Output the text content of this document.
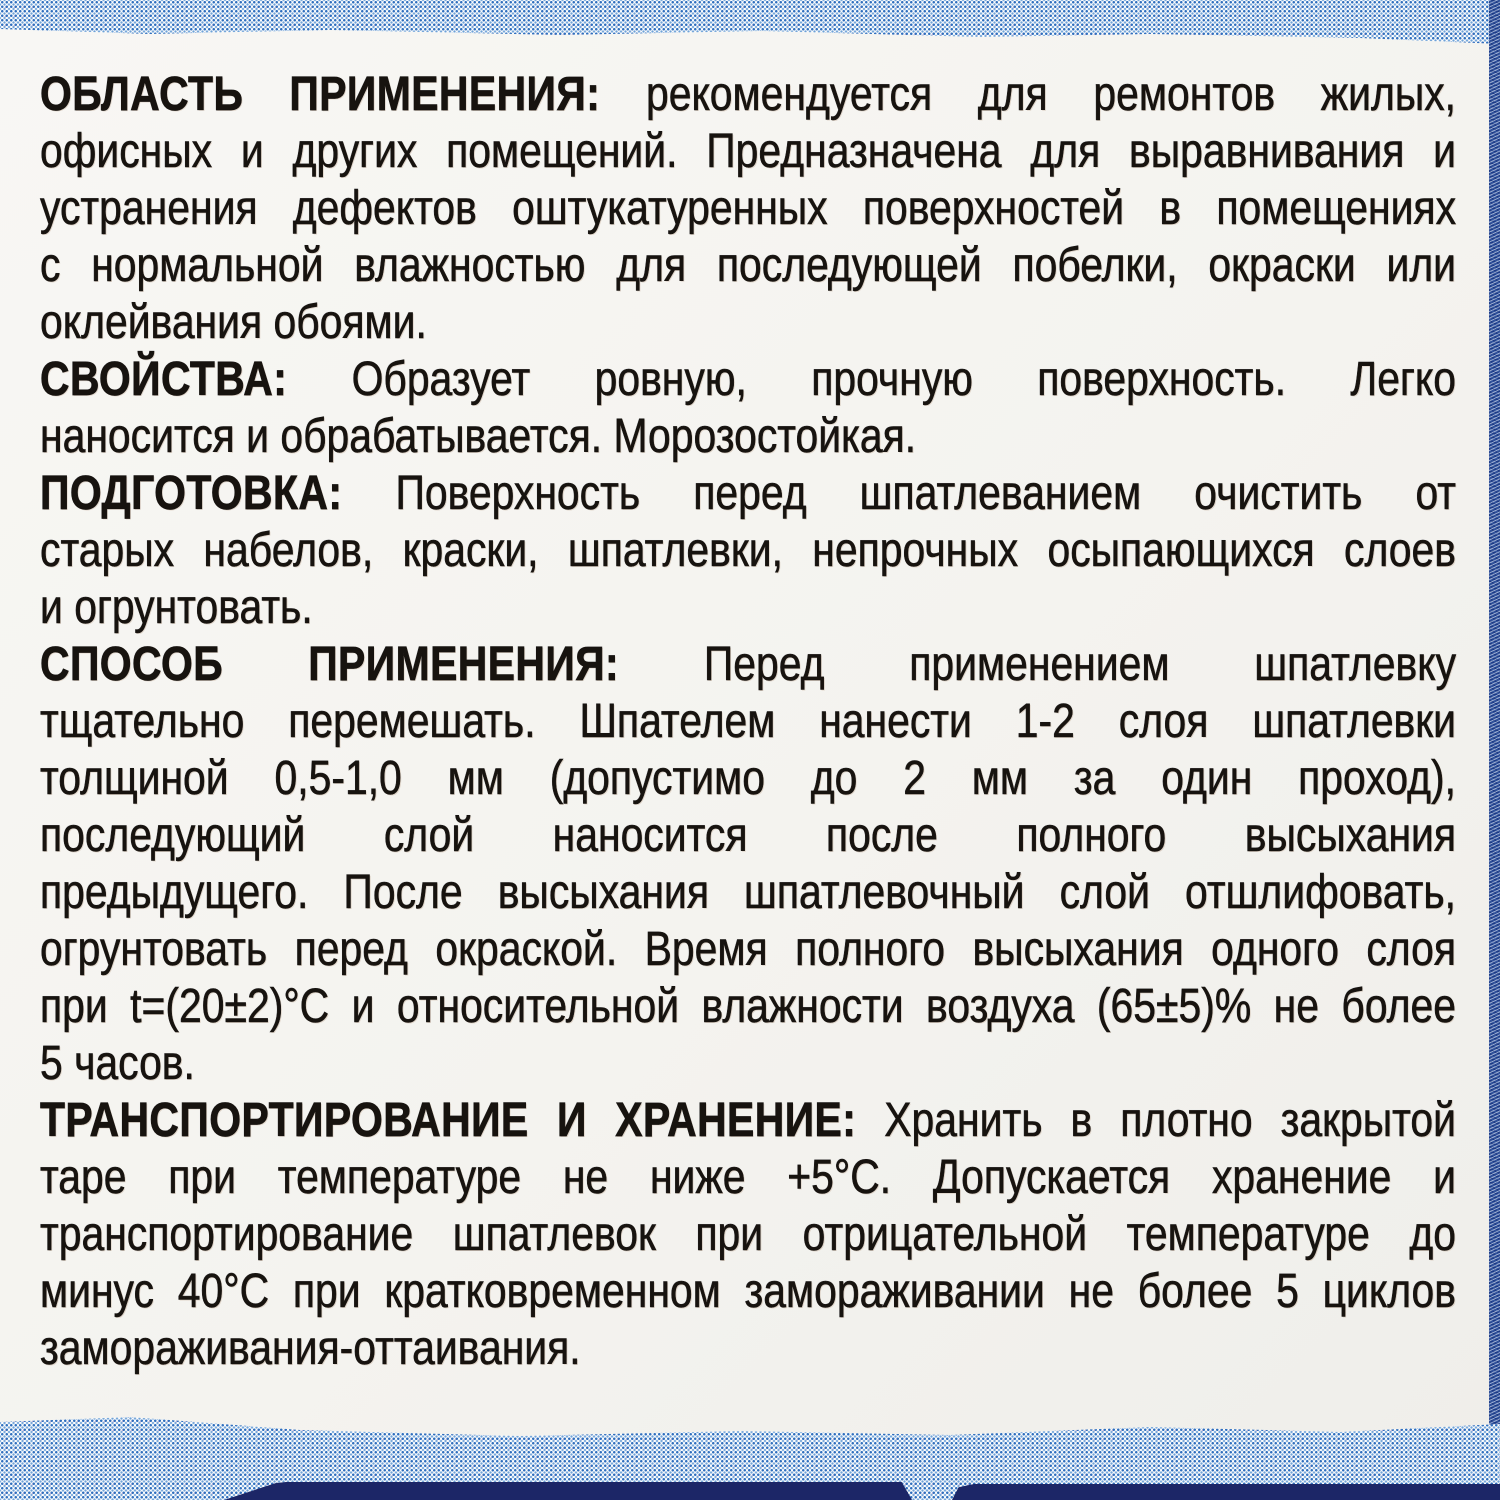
ОБЛАСТЬ ПРИМЕНЕНИЯ: рекомендуется для ремонтов жилых,
офисных и других помещений. Предназначена для выравнивания и
устранения дефектов оштукатуренных поверхностей в помещениях
с нормальной влажностью для последующей побелки, окраски или
оклейвания обоями.
СВОЙСТВА: Образует ровную, прочную поверхность. Легко
наносится и обрабатывается. Морозостойкая.
ПОДГОТОВКА: Поверхность перед шпатлеванием очистить от
старых набелов, краски, шпатлевки, непрочных осыпающихся слоев
и огрунтовать.
СПОСОБ ПРИМЕНЕНИЯ: Перед применением шпатлевку
тщательно перемешать. Шпателем нанести 1-2 слоя шпатлевки
толщиной 0,5-1,0 мм (допустимо до 2 мм за один проход),
последующий слой наносится после полного высыхания
предыдущего. После высыхания шпатлевочный слой отшлифовать,
огрунтовать перед окраской. Время полного высыхания одного слоя
при t=(20±2)°С и относительной влажности воздуха (65±5)% не более
5 часов.
ТРАНСПОРТИРОВАНИЕ И ХРАНЕНИЕ: Хранить в плотно закрытой
таре при температуре не ниже +5°С. Допускается хранение и
транспортирование шпатлевок при отрицательной температуре до
минус 40°С при кратковременном замораживании не более 5 циклов
замораживания-оттаивания.
